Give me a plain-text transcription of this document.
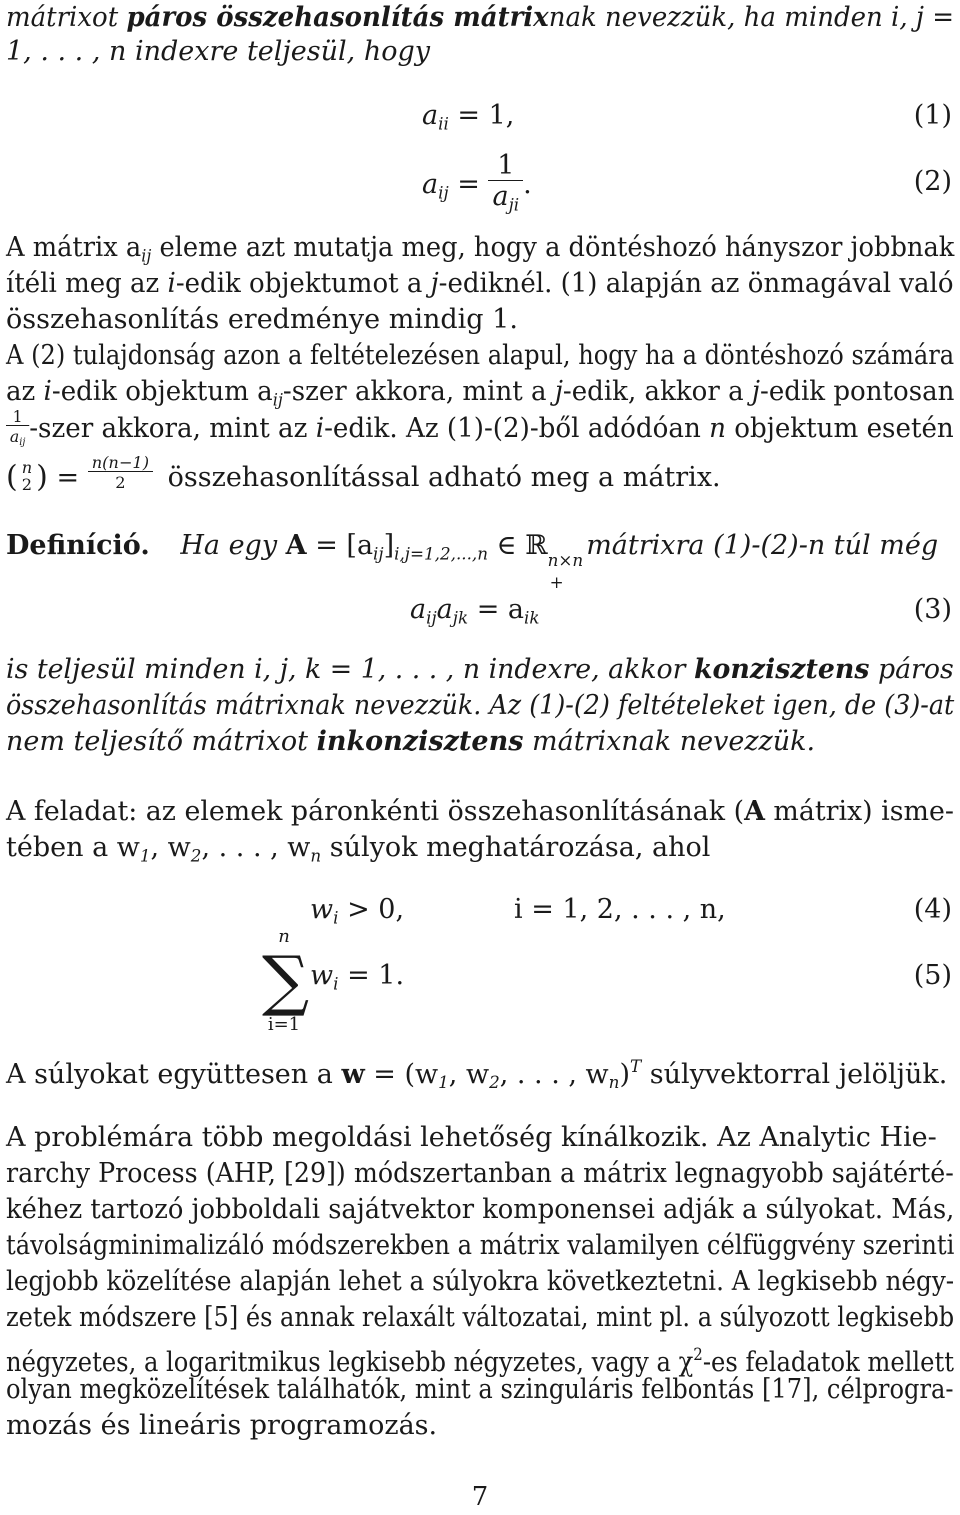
mátrixot páros összehasonlítás mátrixnak nevezzük, ha minden i, j =
1, . . . , n indexre teljesül, hogy
$a_{ii} = 1$,	(1)
$a_{ij} = \frac{1}{a_{ji}}$ .	(2)
A mátrix $a_{ij}$ eleme azt mutatja meg, hogy a döntéshozó hányszor jobbnak
ítéli meg az i-edik objektumot a j-ediknél. (1) alapján az önmagával való
összehasonlítás eredménye mindig 1.
A (2) tulajdonság azon a feltételezésen alapul, hogy ha a döntéshozó számára
az i-edik objektum $a_{ij}$-szer akkora, mint a j-edik, akkor a j-edik pontosan
$\frac{1}{a_{ij}}$ -szer akkora, mint az i-edik. Az (1)-(2)-ből adódóan n objektum esetén
( n
2 ) = $\frac{n(n-1)}{2}$ összehasonlítással adható meg a mátrix.
Definíció. Ha egy $A = [a_{ij}]_{i,j=1,2,...,n}$ ∈ ℝ n×n
+
mátrixra (1)-(2)-n túl még
$a_{ij}a_{jk} = a_{ik}$	(3)
is teljesül minden i, j, k = 1, . . . , n indexre, akkor konzisztens páros
összehasonlítás mátrixnak nevezzük. Az (1)-(2) feltételeket igen, de (3)-at
nem teljesítő mátrixot inkonzisztens mátrixnak nevezzük.
A feladat: az elemek páronkénti összehasonlításának (A mátrix) isme-
tében a $w_1$, $w_2$, . . . , $w_n$ súlyok meghatározása, ahol
$w_i > 0$,	i = 1, 2, . . . , n,	(4)
n
∑
i=1
$w_i = 1$.	(5)
A súlyokat együttesen a $w = (w_1$, $w_2$, . . . , $w_n)^T$ súlyvektorral jelöljük.
A problémára több megoldási lehetőség kínálkozik. Az Analytic Hie-
rarchy Process (AHP, [29]) módszertanban a mátrix legnagyobb sajátérté-
kéhez tartozó jobboldali sajátvektor komponensei adják a súlyokat. Más,
távolságminimalizáló módszerekben a mátrix valamilyen célfüggvény szerinti
legjobb közelítése alapján lehet a súlyokra következtetni. A legkisebb négy-
zetek módszere [5] és annak relaxált változatai, mint pl. a súlyozott legkisebb
négyzetes, a logaritmikus legkisebb négyzetes, vagy a $\chi^2-es$ feladatok mellett
olyan megközelítések találhatók, mint a szinguláris felbontás [17], célprogra-
mozás és lineáris programozás.
7
